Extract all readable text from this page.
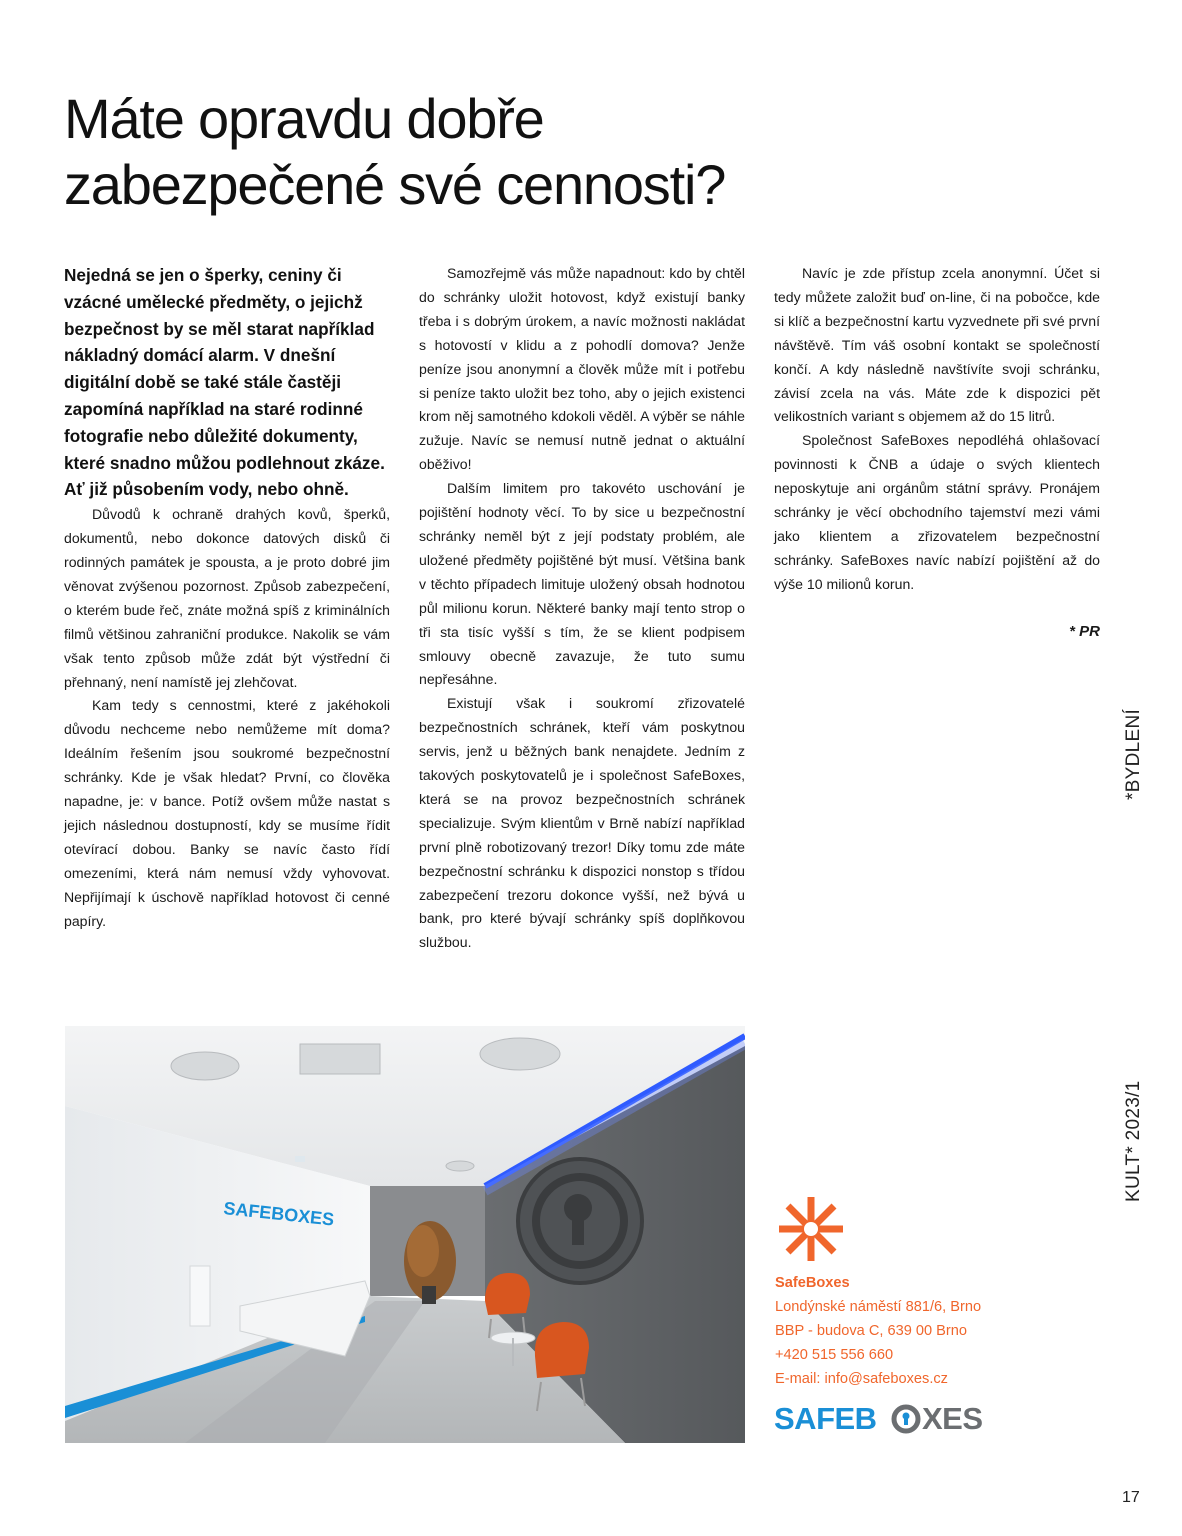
Máte opravdu dobře
zabezpečené své cennosti?

Nejedná se jen o šperky, ceniny či vzácné umělecké předměty, o jejichž bezpečnost by se měl starat například nákladný domácí alarm. V dnešní digitální době se také stále častěji zapomíná například na staré rodinné fotografie nebo důležité dokumenty, které snadno můžou podlehnout zkáze. Ať již působením vody, nebo ohně.

Důvodů k ochraně drahých kovů, šperků, dokumentů, nebo dokonce datových disků či rodinných památek je spousta, a je proto dobré jim věnovat zvýšenou pozornost. Způsob zabezpečení, o kterém bude řeč, znáte možná spíš z kriminálních filmů většinou zahraniční produkce. Nakolik se vám však tento způsob může zdát být výstřední či přehnaný, není namístě jej zlehčovat.

Kam tedy s cennostmi, které z jakéhokoli důvodu nechceme nebo nemůžeme mít doma? Ideálním řešením jsou soukromé bezpečnostní schránky. Kde je však hledat? První, co člověka napadne, je: v bance. Potíž ovšem může nastat s jejich následnou dostupností, kdy se musíme řídit otevírací dobou. Banky se navíc často řídí omezeními, která nám nemusí vždy vyhovovat. Nepřijímají k úschově například hotovost či cenné papíry.

Samozřejmě vás může napadnout: kdo by chtěl do schránky uložit hotovost, když existují banky třeba i s dobrým úrokem, a navíc možnosti nakládat s hotovostí v klidu a z pohodlí domova? Jenže peníze jsou anonymní a člověk může mít i potřebu si peníze takto uložit bez toho, aby o jejich existenci krom něj samotného kdokoli věděl. A výběr se náhle zužuje. Navíc se nemusí nutně jednat o aktuální oběživo!

Dalším limitem pro takovéto uschování je pojištění hodnoty věcí. To by sice u bezpečnostní schránky neměl být z její podstaty problém, ale uložené předměty pojištěné být musí. Většina bank v těchto případech limituje uložený obsah hodnotou půl milionu korun. Některé banky mají tento strop o tři sta tisíc vyšší s tím, že se klient podpisem smlouvy obecně zavazuje, že tuto sumu nepřesáhne.

Existují však i soukromí zřizovatelé bezpečnostních schránek, kteří vám poskytnou servis, jenž u běžných bank nenajdete. Jedním z takových poskytovatelů je i společnost SafeBoxes, která se na provoz bezpečnostních schránek specializuje. Svým klientům v Brně nabízí například první plně robotizovaný trezor! Díky tomu zde máte bezpečnostní schránku k dispozici nonstop s třídou zabezpečení trezoru dokonce vyšší, než bývá u bank, pro které bývají schránky spíš doplňkovou službou.

Navíc je zde přístup zcela anonymní. Účet si tedy můžete založit buď on-line, či na pobočce, kde si klíč a bezpečnostní kartu vyzvednete při své první návštěvě. Tím váš osobní kontakt se společností končí. A kdy následně navštívíte svoji schránku, závisí zcela na vás. Máte zde k dispozici pět velikostních variant s objemem až do 15 litrů.

Společnost SafeBoxes nepodléhá ohlašovací povinnosti k ČNB a údaje o svých klientech neposkytuje ani orgánům státní správy. Pronájem schránky je věcí obchodního tajemství mezi vámi jako klientem a zřizovatelem bezpečnostní schránky. SafeBoxes navíc nabízí pojištění až do výše 10 milionů korun.

* PR
*BYDLENÍ
KULT* 2023/1
SAFEBOXES
SafeBoxes
Londýnské náměstí 881/6, Brno
BBP - budova C, 639 00 Brno
+420 515 556 660
E-mail: info@safeboxes.cz
SAFEB XES
17
